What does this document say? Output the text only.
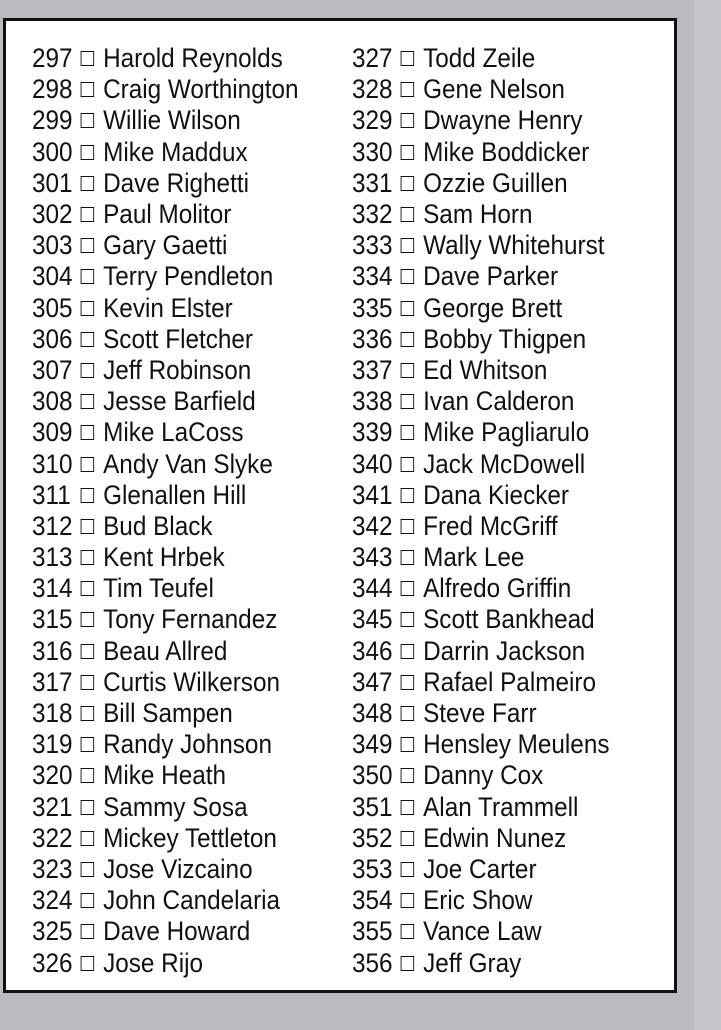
297 Harold Reynolds
298 Craig Worthington
299 Willie Wilson
300 Mike Maddux
301 Dave Righetti
302 Paul Molitor
303 Gary Gaetti
304 Terry Pendleton
305 Kevin Elster
306 Scott Fletcher
307 Jeff Robinson
308 Jesse Barfield
309 Mike LaCoss
310 Andy Van Slyke
311 Glenallen Hill
312 Bud Black
313 Kent Hrbek
314 Tim Teufel
315 Tony Fernandez
316 Beau Allred
317 Curtis Wilkerson
318 Bill Sampen
319 Randy Johnson
320 Mike Heath
321 Sammy Sosa
322 Mickey Tettleton
323 Jose Vizcaino
324 John Candelaria
325 Dave Howard
326 Jose Rijo
327 Todd Zeile
328 Gene Nelson
329 Dwayne Henry
330 Mike Boddicker
331 Ozzie Guillen
332 Sam Horn
333 Wally Whitehurst
334 Dave Parker
335 George Brett
336 Bobby Thigpen
337 Ed Whitson
338 Ivan Calderon
339 Mike Pagliarulo
340 Jack McDowell
341 Dana Kiecker
342 Fred McGriff
343 Mark Lee
344 Alfredo Griffin
345 Scott Bankhead
346 Darrin Jackson
347 Rafael Palmeiro
348 Steve Farr
349 Hensley Meulens
350 Danny Cox
351 Alan Trammell
352 Edwin Nunez
353 Joe Carter
354 Eric Show
355 Vance Law
356 Jeff Gray
